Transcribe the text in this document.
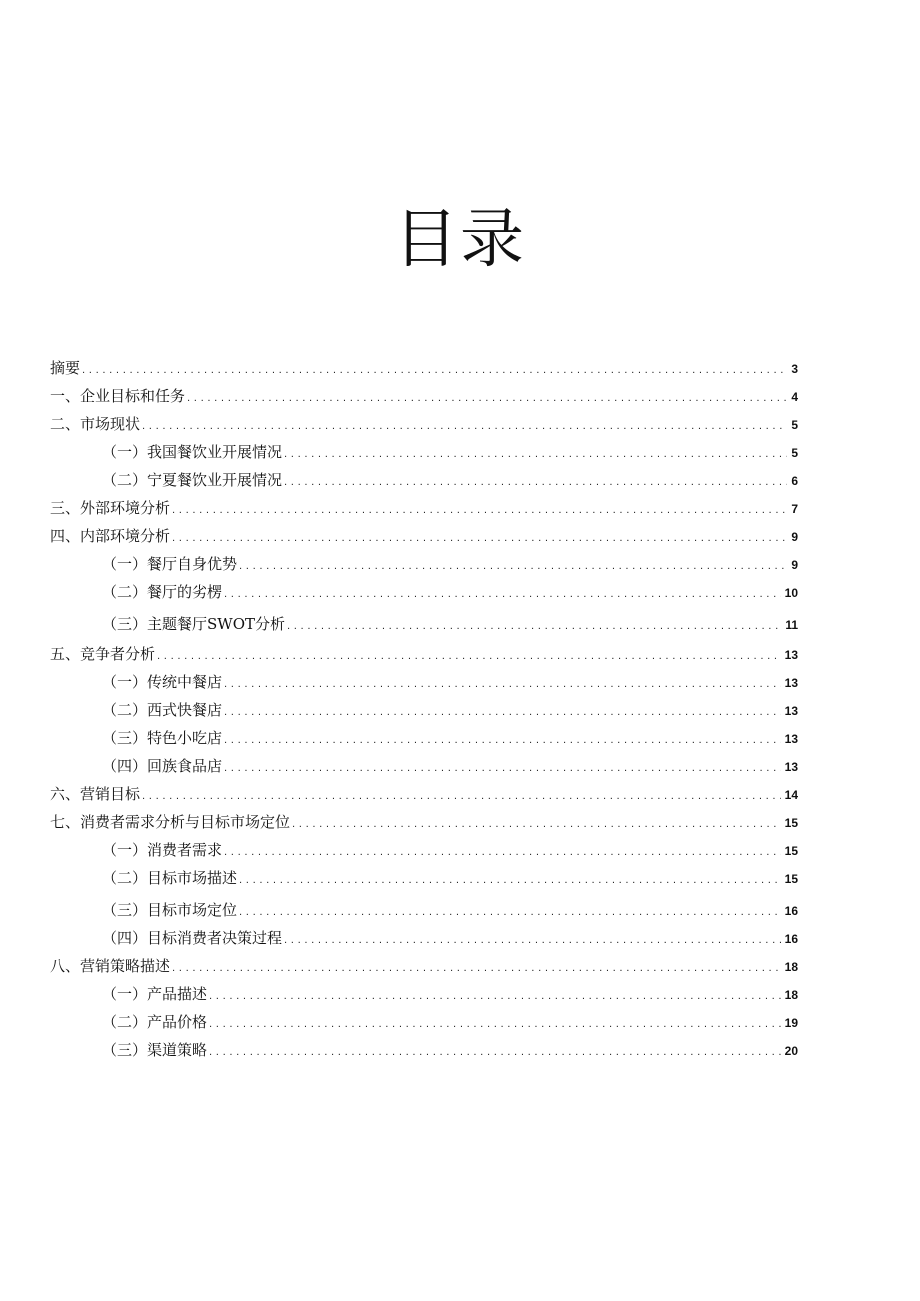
目录
摘要 .....	3
一、企业目标和任务 .....	4
二、市场现状 .....	5
（一）我国餐饮业开展情况 .....	5
（二）宁夏餐饮业开展情况 .....	6
三、外部环境分析 .....	7
四、内部环境分析 .....	9
（一）餐厅自身优势 .....	9
（二）餐厅的劣楞 .....	10
（三）主题餐厅SWOT分析 .....	11
五、竞争者分析 .....	13
（一）传统中餐店 .....	13
（二）西式快餐店 .....	13
（三）特色小吃店 .....	13
（四）回族食品店 .....	13
六、营销目标 .....	14
七、消费者需求分析与目标市场定位 .....	15
（一）消费者需求 .....	15
（二）目标市场描述 .....	15
（三）目标市场定位 .....	16
（四）目标消费者决策过程 .....	16
八、营销策略描述 .....	18
（一）产品描述 .....	18
（二）产品价格 .....	19
（三）渠道策略 .....	20
